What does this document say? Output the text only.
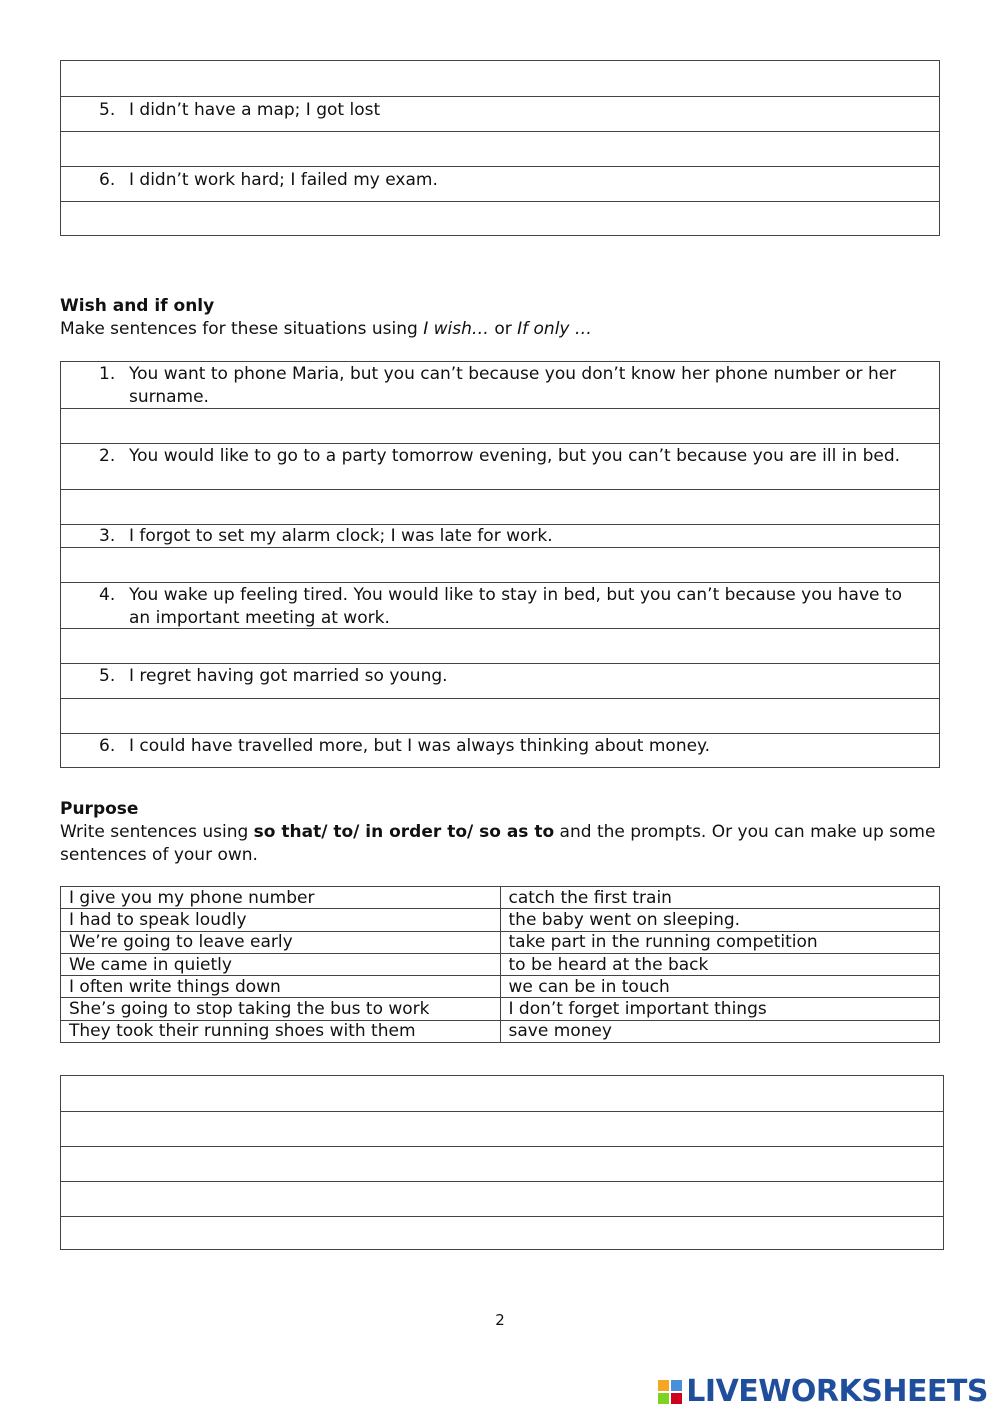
5. I didn’t have a map; I got lost
6. I didn’t work hard; I failed my exam.
Wish and if only
Make sentences for these situations using I wish… or If only …
1. You want to phone Maria, but you can’t because you don’t know her phone number or her surname.
2. You would like to go to a party tomorrow evening, but you can’t because you are ill in bed.
3. I forgot to set my alarm clock; I was late for work.
4. You wake up feeling tired. You would like to stay in bed, but you can’t because you have to an important meeting at work.
5. I regret having got married so young.
6. I could have travelled more, but I was always thinking about money.
Purpose
Write sentences using so that/ to/ in order to/ so as to and the prompts. Or you can make up some sentences of your own.
I give you my phone number	catch the first train
I had to speak loudly	the baby went on sleeping.
We’re going to leave early	take part in the running competition
We came in quietly	to be heard at the back
I often write things down	we can be in touch
She’s going to stop taking the bus to work	I don’t forget important things
They took their running shoes with them	save money
2
LIVEWORKSHEETS
